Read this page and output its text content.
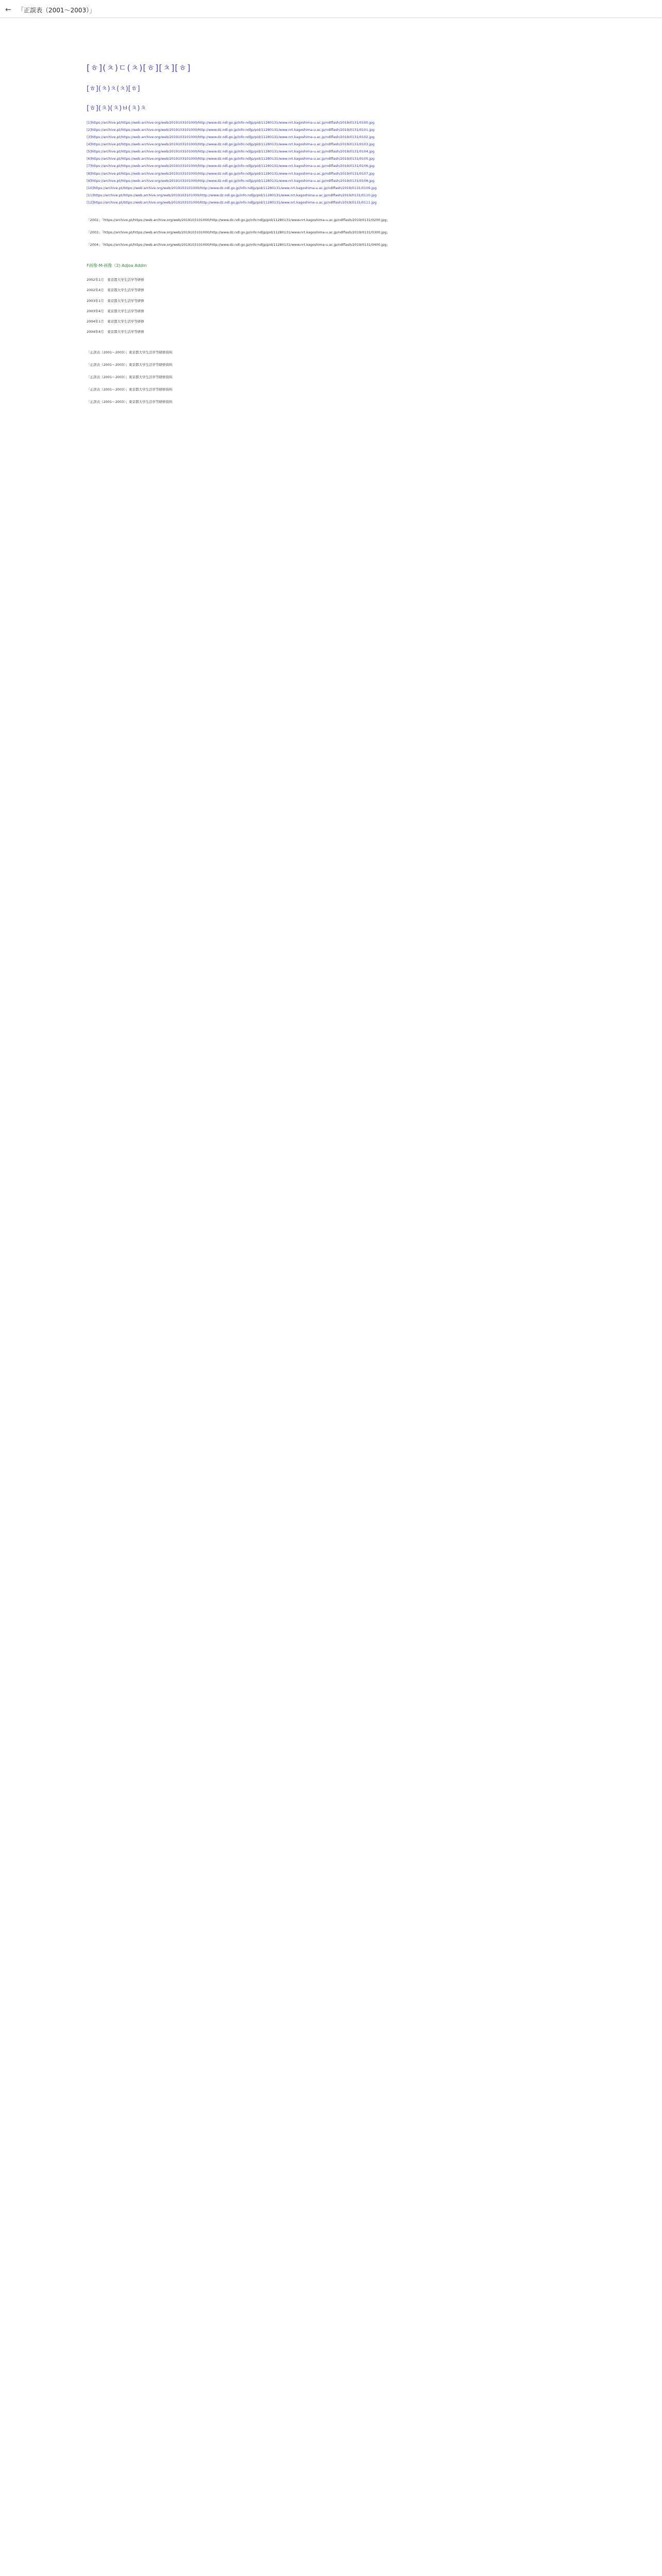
← 「正誤表（2001～2003）」
[ㅎ](ㅊ)ㄷ(ㅊ)[ㅎ][ㅊ][ㅎ]
[ㅎ](ㅊ)ㅊ(ㅊ)[ㅎ]
[ㅎ](ㅊ)(ㅊ)ㅂ(ㅊ)ㅊ
[1]https://archive.pt/https://web.archive.org/web/2019103101000/http://www.dz.ndl.go.jp/info:ndljp/pid/11280131/www.nrt.kagoshima-u.ac.jp/ndlflash/2019/0131/0100.jpg
[2]https://archive.pt/https://web.archive.org/web/2019103101000/http://www.dz.ndl.go.jp/info:ndljp/pid/11280131/www.nrt.kagoshima-u.ac.jp/ndlflash/2019/0131/0101.jpg
[3]https://archive.pt/https://web.archive.org/web/2019103101000/http://www.dz.ndl.go.jp/info:ndljp/pid/11280131/www.nrt.kagoshima-u.ac.jp/ndlflash/2019/0131/0102.jpg
[4]https://archive.pt/https://web.archive.org/web/2019103101000/http://www.dz.ndl.go.jp/info:ndljp/pid/11280131/www.nrt.kagoshima-u.ac.jp/ndlflash/2019/0131/0103.jpg
[5]https://archive.pt/https://web.archive.org/web/2019103101000/http://www.dz.ndl.go.jp/info:ndljp/pid/11280131/www.nrt.kagoshima-u.ac.jp/ndlflash/2019/0131/0104.jpg
[6]https://archive.pt/https://web.archive.org/web/2019103101000/http://www.dz.ndl.go.jp/info:ndljp/pid/11280131/www.nrt.kagoshima-u.ac.jp/ndlflash/2019/0131/0105.jpg
[7]https://archive.pt/https://web.archive.org/web/2019103101000/http://www.dz.ndl.go.jp/info:ndljp/pid/11280131/www.nrt.kagoshima-u.ac.jp/ndlflash/2019/0131/0106.jpg
[8]https://archive.pt/https://web.archive.org/web/2019103101000/http://www.dz.ndl.go.jp/info:ndljp/pid/11280131/www.nrt.kagoshima-u.ac.jp/ndlflash/2019/0131/0107.jpg
[9]https://archive.pt/https://web.archive.org/web/2019103101000/http://www.dz.ndl.go.jp/info:ndljp/pid/11280131/www.nrt.kagoshima-u.ac.jp/ndlflash/2019/0131/0108.jpg
[10]https://archive.pt/https://web.archive.org/web/2019103101000/http://www.dz.ndl.go.jp/info:ndljp/pid/11280131/www.nrt.kagoshima-u.ac.jp/ndlflash/2019/0131/0109.jpg
[11]https://archive.pt/https://web.archive.org/web/2019103101000/http://www.dz.ndl.go.jp/info:ndljp/pid/11280131/www.nrt.kagoshima-u.ac.jp/ndlflash/2019/0131/0110.jpg
[12]https://archive.pt/https://web.archive.org/web/2019103101000/http://www.dz.ndl.go.jp/info:ndljp/pid/11280131/www.nrt.kagoshima-u.ac.jp/ndlflash/2019/0131/0111.jpg
「2002」「https://archive.pt/https://web.archive.org/web/2019103101000/http://www.dz.ndl.go.jp/info:ndljp/pid/11280131/www.nrt.kagoshima-u.ac.jp/ndlflash/2019/0131/0200.jpg」
「2003」「https://archive.pt/https://web.archive.org/web/2019103101000/http://www.dz.ndl.go.jp/info:ndljp/pid/11280131/www.nrt.kagoshima-u.ac.jp/ndlflash/2019/0131/0300.jpg」
「2004」「https://archive.pt/https://web.archive.org/web/2019103101000/http://www.dz.ndl.go.jp/info:ndljp/pid/11280131/www.nrt.kagoshima-u.ac.jp/ndlflash/2019/0131/0400.jpg」
F画像-M-画像（2) Adjoa Addm
2002年1月　東京都大学生活学等研修
2002年4月　東京都大学生活学等研修
2003年1月　東京都大学生活学等研修
2003年4月　東京都大学生活学等研修
2004年1月　東京都大学生活学等研修
2004年4月　東京都大学生活学等研修
「正誤表（2001～2003）」東京都大学生活学等研修資料
「正誤表（2001～2003）」東京都大学生活学等研修資料
「正誤表（2001～2003）」東京都大学生活学等研修資料
「正誤表（2001～2003）」東京都大学生活学等研修資料
「正誤表（2001～2003）」東京都大学生活学等研修資料
